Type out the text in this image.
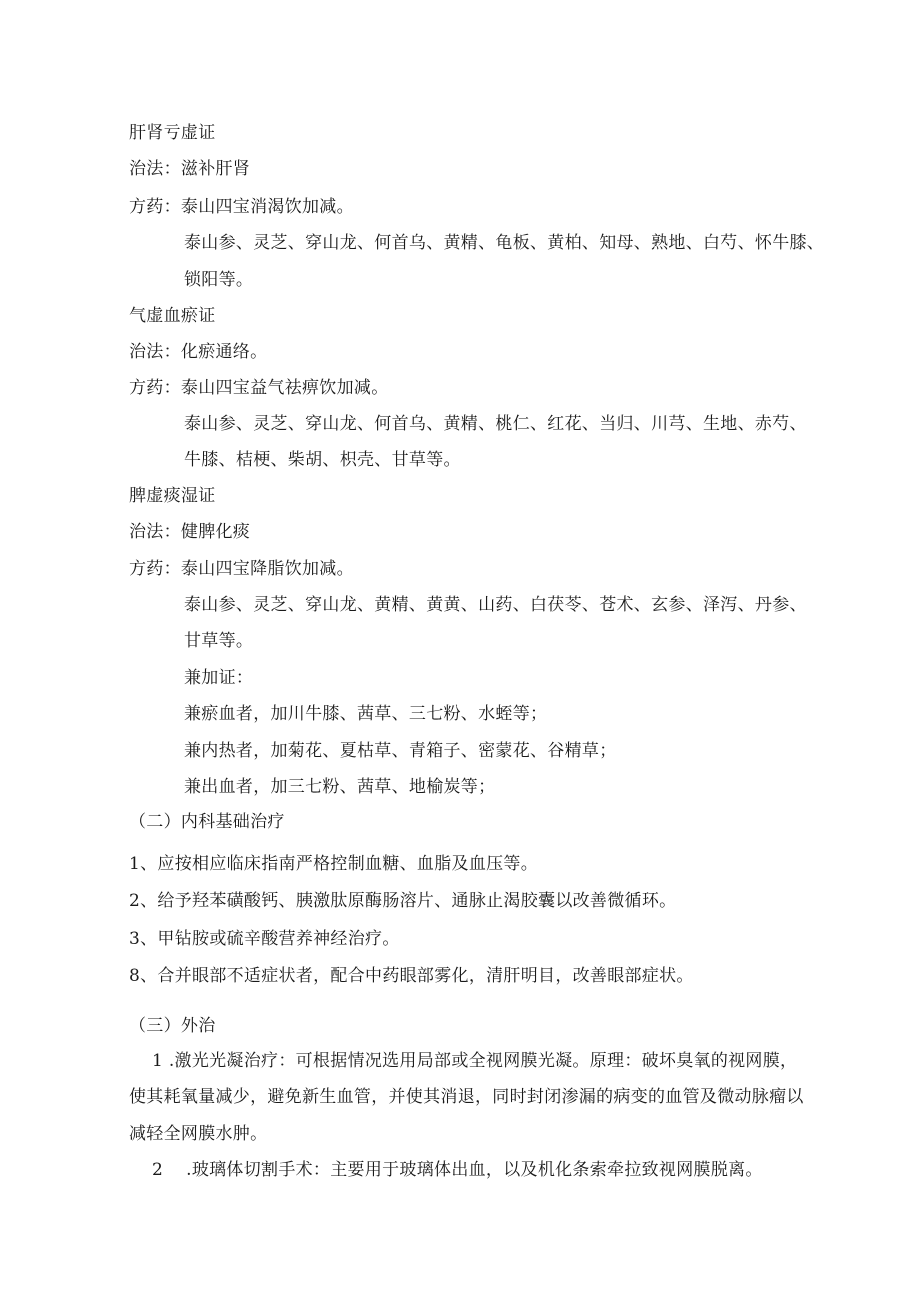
肝肾亏虚证
治法：滋补肝肾
方药：泰山四宝消渴饮加减。
泰山参、灵芝、穿山龙、何首乌、黄精、龟板、黄柏、知母、熟地、白芍、怀牛膝、
锁阳等。
气虚血瘀证
治法：化瘀通络。
方药：泰山四宝益气祛痹饮加减。
泰山参、灵芝、穿山龙、何首乌、黄精、桃仁、红花、当归、川芎、生地、赤芍、
牛膝、桔梗、柴胡、枳壳、甘草等。
脾虚痰湿证
治法：健脾化痰
方药：泰山四宝降脂饮加减。
泰山参、灵芝、穿山龙、黄精、黄黄、山药、白茯苓、苍术、玄参、泽泻、丹参、
甘草等。
兼加证：
兼瘀血者，加川牛膝、茜草、三七粉、水蛭等；
兼内热者，加菊花、夏枯草、青箱子、密蒙花、谷精草；
兼出血者，加三七粉、茜草、地榆炭等；
（二）内科基础治疗
1、应按相应临床指南严格控制血糖、血脂及血压等。
2、给予羟苯磺酸钙、胰激肽原酶肠溶片、通脉止渴胶囊以改善微循环。
3、甲钻胺或硫辛酸营养神经治疗。
8、合并眼部不适症状者，配合中药眼部雾化，清肝明目，改善眼部症状。
（三）外治
1 .激光光凝治疗：可根据情况选用局部或全视网膜光凝。原理：破坏臭氧的视网膜，
使其耗氧量减少，避免新生血管，并使其消退，同时封闭渗漏的病变的血管及微动脉瘤以
减轻全网膜水肿。
2　 .玻璃体切割手术：主要用于玻璃体出血，以及机化条索牵拉致视网膜脱离。
